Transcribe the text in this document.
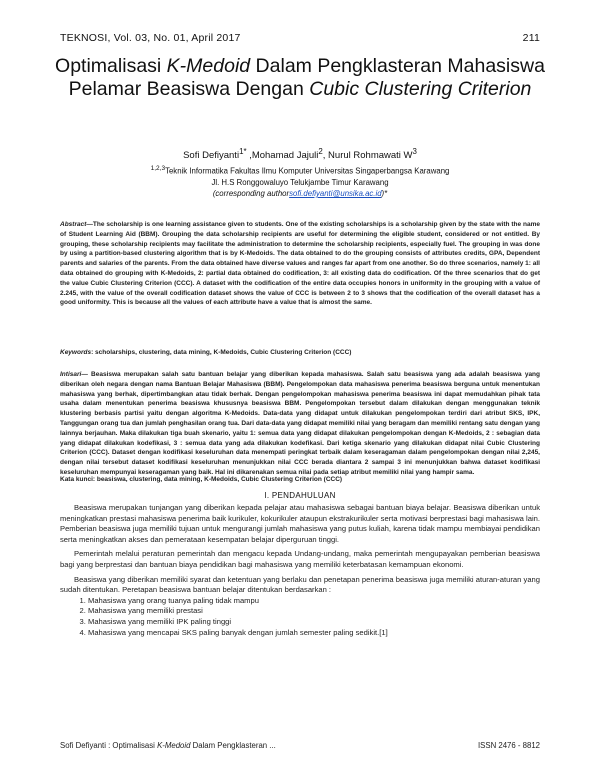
TEKNOSI, Vol. 03, No. 01, April 2017	211
Optimalisasi K-Medoid Dalam Pengklasteran Mahasiswa Pelamar Beasiswa Dengan Cubic Clustering Criterion
Sofi Defiyanti$^{1*}$ ,Mohamad Jajuli$^2$, Nurul Rohmawati $W^3$
$^{1,2,3}$Teknik Informatika Fakultas Ilmu Komputer Universitas Singaperbangsa Karawang
Jl. H.S Ronggowaluyo Telukjambe Timur Karawang
(corresponding authorsofi.defiyanti@unsika.ac.id)*
Abstract—The scholarship is one learning assistance given to students. One of the existing scholarships is a scholarship given by the state with the name of Student Learning Aid (BBM). Grouping the data scholarship recipients are useful for determining the eligible student, considered or not entitled. By grouping, these scholarship recipients may facilitate the administration to determine the scholarship recipients, especially fuel. The grouping in was done by using a partition-based clustering algorithm that is by K-Medoids. The data obtained to do the grouping consists of attributes credits, GPA, Dependent parents and salaries of the parents. From the data obtained have diverse values and ranges far apart from one another. So do three scenarios, namely 1: all data obtained do grouping with K-Medoids, 2: partial data obtained do codification, 3: all existing data do codification. Of the three scenarios that do get the value Cubic Clustering Criterion (CCC). A dataset with the codification of the entire data occupies honors in uniformity in the grouping with a value of 2.245, with the value of the overall codification dataset shows the value of CCC is between 2 to 3 shows that the codification of the overall dataset has a good uniformity. This is because all the values of each attribute have a value that is almost the same.
Keywords: scholarships, clustering, data mining, K-Medoids, Cubic Clustering Criterion (CCC)
Intisari— Beasiswa merupakan salah satu bantuan belajar yang diberikan kepada mahasiswa. Salah satu beasiswa yang ada adalah beasiswa yang diberikan oleh negara dengan nama Bantuan Belajar Mahasiswa (BBM). Pengelompokan data mahasiswa penerima beasiswa berguna untuk menentukan mahasiswa yang berhak, dipertimbangkan atau tidak berhak. Dengan pengelompokan mahasiswa penerima beasiswa ini dapat memudahkan pihak tata usaha dalam menentukan penerima beasiswa khususnya beasiswa BBM. Pengelompokan tersebut dalam dilakukan dengan menggunakan teknik klustering berbasis partisi yaitu dengan algoritma K-Medoids. Data-data yang didapat untuk dilakukan pengelompokan terdiri dari atribut SKS, IPK, Tanggungan orang tua dan jumlah penghasilan orang tua. Dari data-data yang didapat memiliki nilai yang beragam dan memiliki rentang satu dengan yang lainnya berjauhan. Maka dilakukan tiga buah skenario, yaitu 1: semua data yang didapat dilakukan pengelompokan dengan K-Medoids, 2 : sebagian data yang didapat dilakukan kodefikasi, 3 : semua data yang ada dilakukan kodefikasi. Dari ketiga skenario yang dilakukan didapat nilai Cubic Clustering Criterion (CCC). Dataset dengan kodifikasi keseluruhan data menempati peringkat terbaik dalam keseragaman dalam pengelompokan dengan nilai 2,245, dengan nilai tersebut dataset kodifikasi keseluruhan menunjukkan nilai CCC berada diantara 2 sampai 3 ini menunjukkan bahwa dataset kodifikasi keseluruhan mempunyai keseragaman yang baik. Hal ini dikarenakan semua nilai pada setiap atribut memiliki nilai yang hampir sama.
Kata kunci: beasiswa, clustering, data mining, K-Medoids, Cubic Clustering Criterion (CCC)
I. PENDAHULUAN

Beasiswa merupakan tunjangan yang diberikan kepada pelajar atau mahasiswa sebagai bantuan biaya belajar. Beasiswa diberikan untuk meningkatkan prestasi mahasiswa penerima baik kurikuler, kokurikuler ataupun ekstrakurikuler serta motivasi berprestasi bagi mahasiswa lain. Pemberian beasiswa juga memiliki tujuan untuk mengurangi jumlah mahasiswa yang putus kuliah, karena tidak mampu membiayai pendidikan serta meningkatkan akses dan pemerataan kesempatan belajar diperguruan tinggi.

Pemerintah melalui peraturan pemerintah dan mengacu kepada Undang-undang, maka pemerintah mengupayakan pemberian beasiswa bagi yang berprestasi dan bantuan biaya pendidikan bagi mahasiswa yang memiliki keterbatasan kemampuan ekonomi.

Beasiswa yang diberikan memiliki syarat dan ketentuan yang berlaku dan penetapan penerima beasiswa juga memiliki aturan-aturan yang sudah ditentukan. Peretapan beasiswa bantuan belajar ditentukan berdasarkan :

1. Mahasiswa yang orang tuanya paling tidak mampu
2. Mahasiswa yang memiliki prestasi
3. Mahasiswa yang memiliki IPK paling tinggi
4. Mahasiswa yang mencapai SKS paling banyak dengan jumlah semester paling sedikit.[1]
Sofi Defiyanti : Optimalisasi K-Medoid Dalam Pengklasteran ...	ISSN 2476 - 8812
